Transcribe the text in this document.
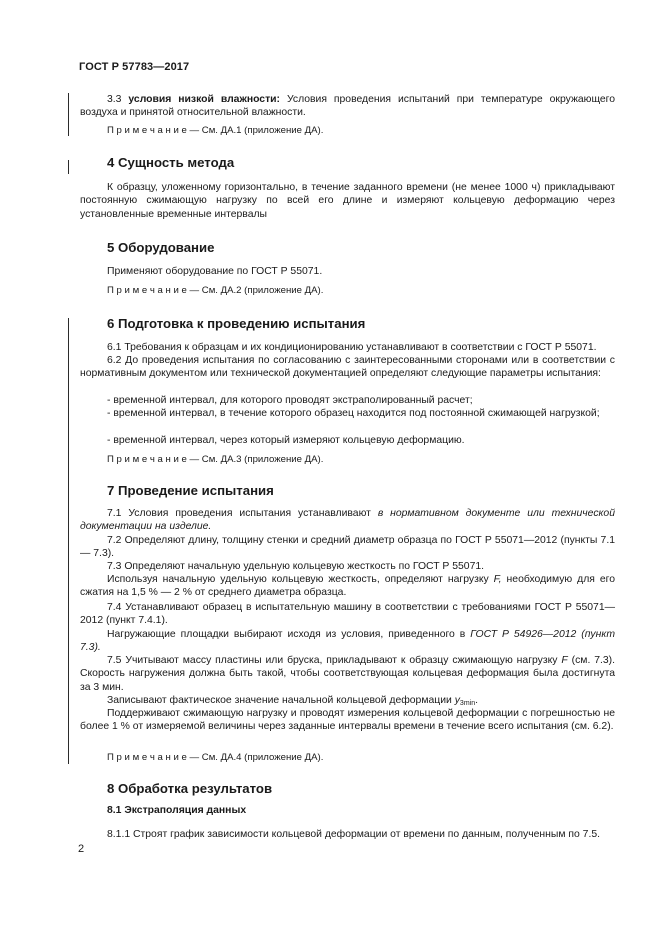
ГОСТ Р 57783—2017
3.3 условия низкой влажности: Условия проведения испытаний при температуре окружающего воздуха и принятой относительной влажности.
П р и м е ч а н и е — См. ДА.1 (приложение ДА).
4 Сущность метода
К образцу, уложенному горизонтально, в течение заданного времени (не менее 1000 ч) прикладывают постоянную сжимающую нагрузку по всей его длине и измеряют кольцевую деформацию через установленные временные интервалы
5 Оборудование
Применяют оборудование по ГОСТ Р 55071.
П р и м е ч а н и е — См. ДА.2 (приложение ДА).
6 Подготовка к проведению испытания
6.1 Требования к образцам и их кондиционированию устанавливают в соответствии с ГОСТ Р 55071.
6.2 До проведения испытания по согласованию с заинтересованными сторонами или в соответствии с нормативным документом или технической документацией определяют следующие параметры испытания:
- временной интервал, для которого проводят экстраполированный расчет;
- временной интервал, в течение которого образец находится под постоянной сжимающей нагрузкой;
- временной интервал, через который измеряют кольцевую деформацию.
П р и м е ч а н и е — См. ДА.3 (приложение ДА).
7 Проведение испытания
7.1 Условия проведения испытания устанавливают в нормативном документе или технической документации на изделие.
7.2 Определяют длину, толщину стенки и средний диаметр образца по ГОСТ Р 55071—2012 (пункты 7.1 — 7.3).
7.3 Определяют начальную удельную кольцевую жесткость по ГОСТ Р 55071.
Используя начальную удельную кольцевую жесткость, определяют нагрузку F, необходимую для его сжатия на 1,5 % — 2 % от среднего диаметра образца.
7.4 Устанавливают образец в испытательную машину в соответствии с требованиями ГОСТ Р 55071—2012 (пункт 7.4.1).
Нагружающие площадки выбирают исходя из условия, приведенного в ГОСТ Р 54926—2012 (пункт 7.3).
7.5 Учитывают массу пластины или бруска, прикладывают к образцу сжимающую нагрузку F (см. 7.3). Скорость нагружения должна быть такой, чтобы соответствующая кольцевая деформация была достигнута за 3 мин.
Записывают фактическое значение начальной кольцевой деформации $y_{3min}$.
Поддерживают сжимающую нагрузку и проводят измерения кольцевой деформации с погрешностью не более 1 % от измеряемой величины через заданные интервалы времени в течение всего испытания (см. 6.2).
П р и м е ч а н и е — См. ДА.4 (приложение ДА).
8 Обработка результатов
8.1 Экстраполяция данных
8.1.1 Строят график зависимости кольцевой деформации от времени по данным, полученным по 7.5.
2
